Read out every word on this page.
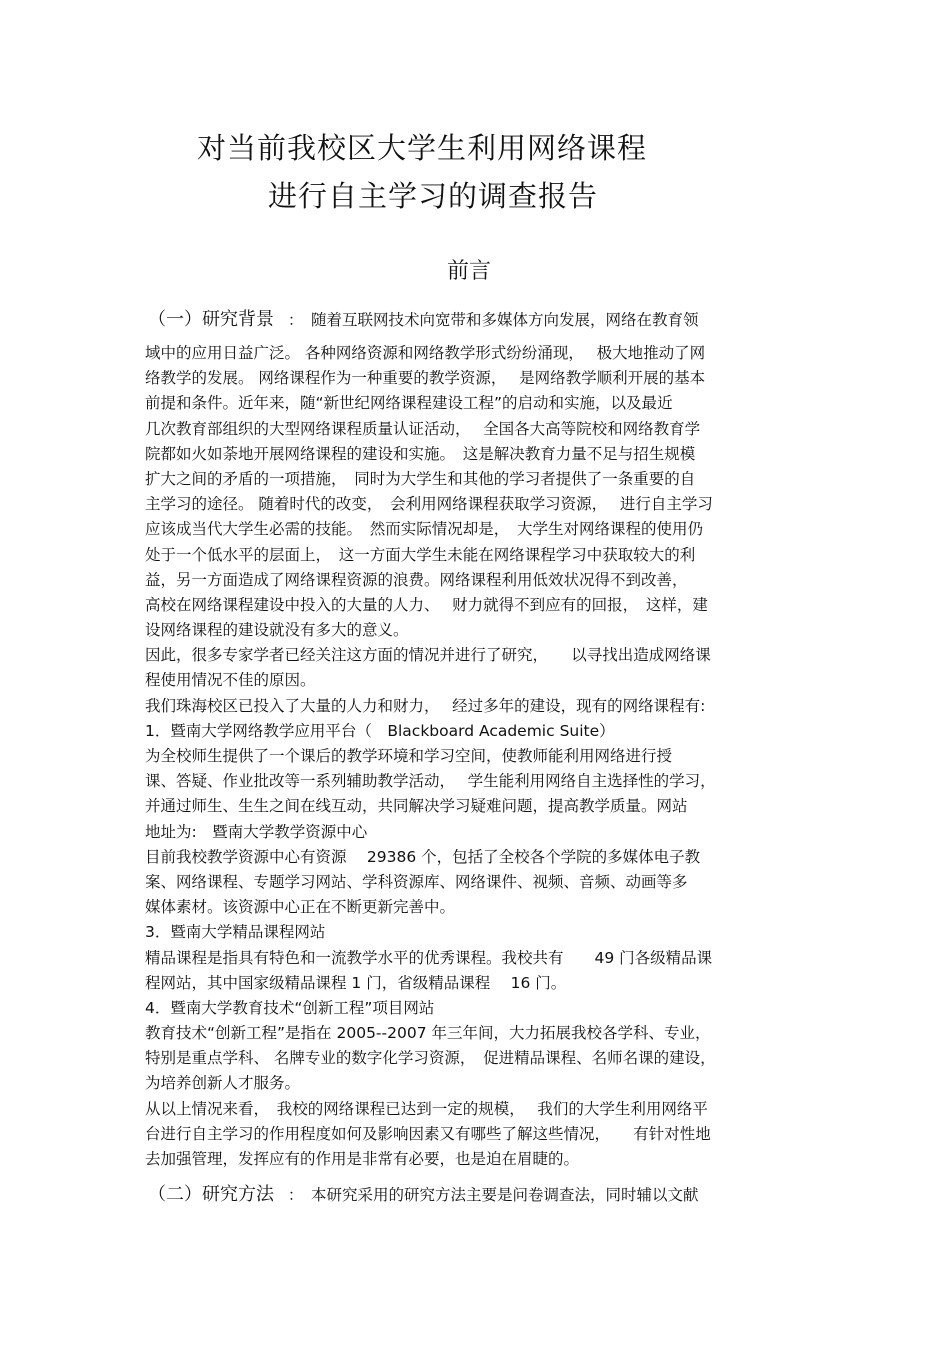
对当前我校区大学生利用网络课程
进行自主学习的调查报告
前言
（一）研究背景 ： 随着互联网技术向宽带和多媒体方向发展，网络在教育领
域中的应用日益广泛。 各种网络资源和网络教学形式纷纷涌现，　 极大地推动了网
络教学的发展。 网络课程作为一种重要的教学资源，　 是网络教学顺利开展的基本
前提和条件。近年来，随“新世纪网络课程建设工程”的启动和实施，以及最近
几次教育部组织的大型网络课程质量认证活动，　 全国各大高等院校和网络教育学
院都如火如荼地开展网络课程的建设和实施。　这是解决教育力量不足与招生规模
扩大之间的矛盾的一项措施，　同时为大学生和其他的学习者提供了一条重要的自
主学习的途径。 随着时代的改变，　会利用网络课程获取学习资源，　 进行自主学习
应该成当代大学生必需的技能。　然而实际情况却是，　大学生对网络课程的使用仍
处于一个低水平的层面上，　这一方面大学生未能在网络课程学习中获取较大的利
益，另一方面造成了网络课程资源的浪费。网络课程利用低效状况得不到改善，
高校在网络课程建设中投入的大量的人力、　 财力就得不到应有的回报，　这样，建
设网络课程的建设就没有多大的意义。
因此，很多专家学者已经关注这方面的情况并进行了研究，　　以寻找出造成网络课
程使用情况不佳的原因。
我们珠海校区已投入了大量的人力和财力，　 经过多年的建设，现有的网络课程有:
1．暨南大学网络教学应用平台（　Blackboard Academic Suite）
为全校师生提供了一个课后的教学环境和学习空间，使教师能利用网络进行授
课、答疑、作业批改等一系列辅助教学活动，　 学生能利用网络自主选择性的学习，
并通过师生、生生之间在线互动，共同解决学习疑难问题，提高教学质量。网站
地址为:　暨南大学教学资源中心
目前我校教学资源中心有资源　 29386 个，包括了全校各个学院的多媒体电子教
案、网络课程、专题学习网站、学科资源库、网络课件、视频、音频、动画等多
媒体素材。该资源中心正在不断更新完善中。
3．暨南大学精品课程网站
精品课程是指具有特色和一流教学水平的优秀课程。我校共有　　49 门各级精品课
程网站，其中国家级精品课程 1 门，省级精品课程　 16 门。
4．暨南大学教育技术“创新工程”项目网站
教育技术“创新工程”是指在 2005--2007 年三年间，大力拓展我校各学科、专业，
特别是重点学科、 名牌专业的数字化学习资源，　促进精品课程、名师名课的建设，
为培养创新人才服务。
从以上情况来看，　我校的网络课程已达到一定的规模，　 我们的大学生利用网络平
台进行自主学习的作用程度如何及影响因素又有哪些了解这些情况，　　有针对性地
去加强管理，发挥应有的作用是非常有必要，也是迫在眉睫的。
（二）研究方法 ： 本研究采用的研究方法主要是问卷调查法，同时辅以文献
